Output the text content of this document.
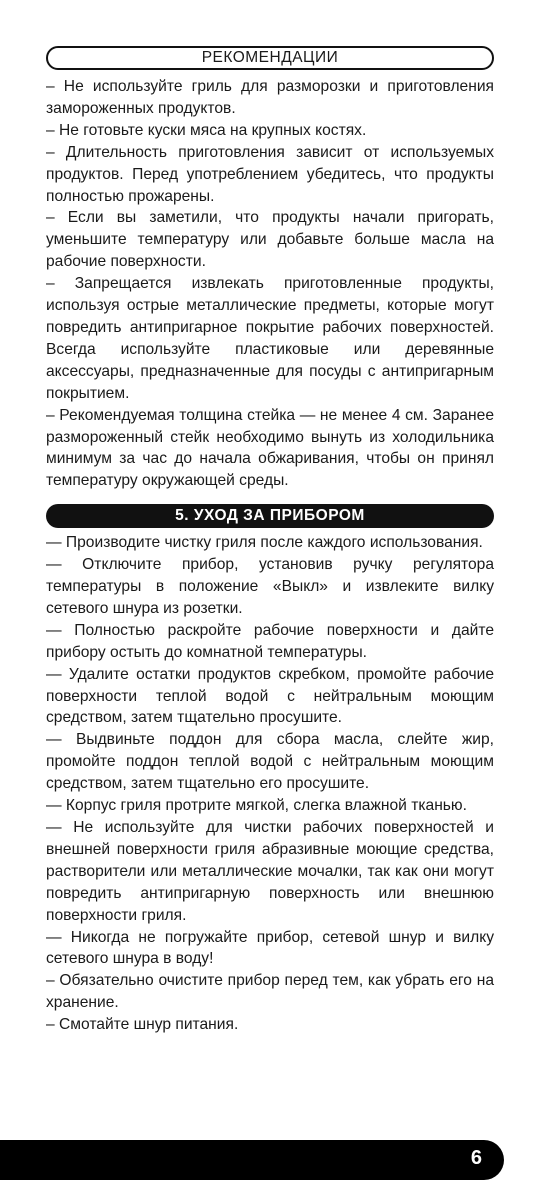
РЕКОМЕНДАЦИИ

– Не используйте гриль для разморозки и приготовления замороженных продуктов.

– Не готовьте куски мяса на крупных костях.

– Длительность приготовления зависит от используемых продуктов. Перед употреблением убедитесь, что продукты полностью прожарены.

– Если вы заметили, что продукты начали пригорать, уменьшите температуру или добавьте больше масла на рабочие поверхности.

– Запрещается извлекать приготовленные продукты, используя острые металлические предметы, которые могут повредить антипригарное покрытие рабочих поверхностей. Всегда используйте пластиковые или деревянные аксессуары, предназначенные для посуды с антипригарным покрытием.

– Рекомендуемая толщина стейка — не менее 4 см. Заранее размороженный стейк необходимо вынуть из холодильника минимум за час до начала обжаривания, чтобы он принял температуру окружающей среды.

5. УХОД ЗА ПРИБОРОМ

— Производите чистку гриля после каждого использования.

— Отключите прибор, установив ручку регулятора температуры в положение «Выкл» и извлеките вилку сетевого шнура из розетки.

— Полностью раскройте рабочие поверхности и дайте прибору остыть до комнатной температуры.

— Удалите остатки продуктов скребком, промойте рабочие поверхности теплой водой с нейтральным моющим средством, затем тщательно просушите.

— Выдвиньте поддон для сбора масла, слейте жир, промойте поддон теплой водой с нейтральным моющим средством, затем тщательно его просушите.

— Корпус гриля протрите мягкой, слегка влажной тканью.

— Не используйте для чистки рабочих поверхностей и внешней поверхности гриля абразивные моющие средства, растворители или металлические мочалки, так как они могут повредить антипригарную поверхность или внешнюю поверхности гриля.

— Никогда не погружайте прибор, сетевой шнур и вилку сетевого шнура в воду!

– Обязательно очистите прибор перед тем, как убрать его на хранение.

– Смотайте шнур питания.

6
